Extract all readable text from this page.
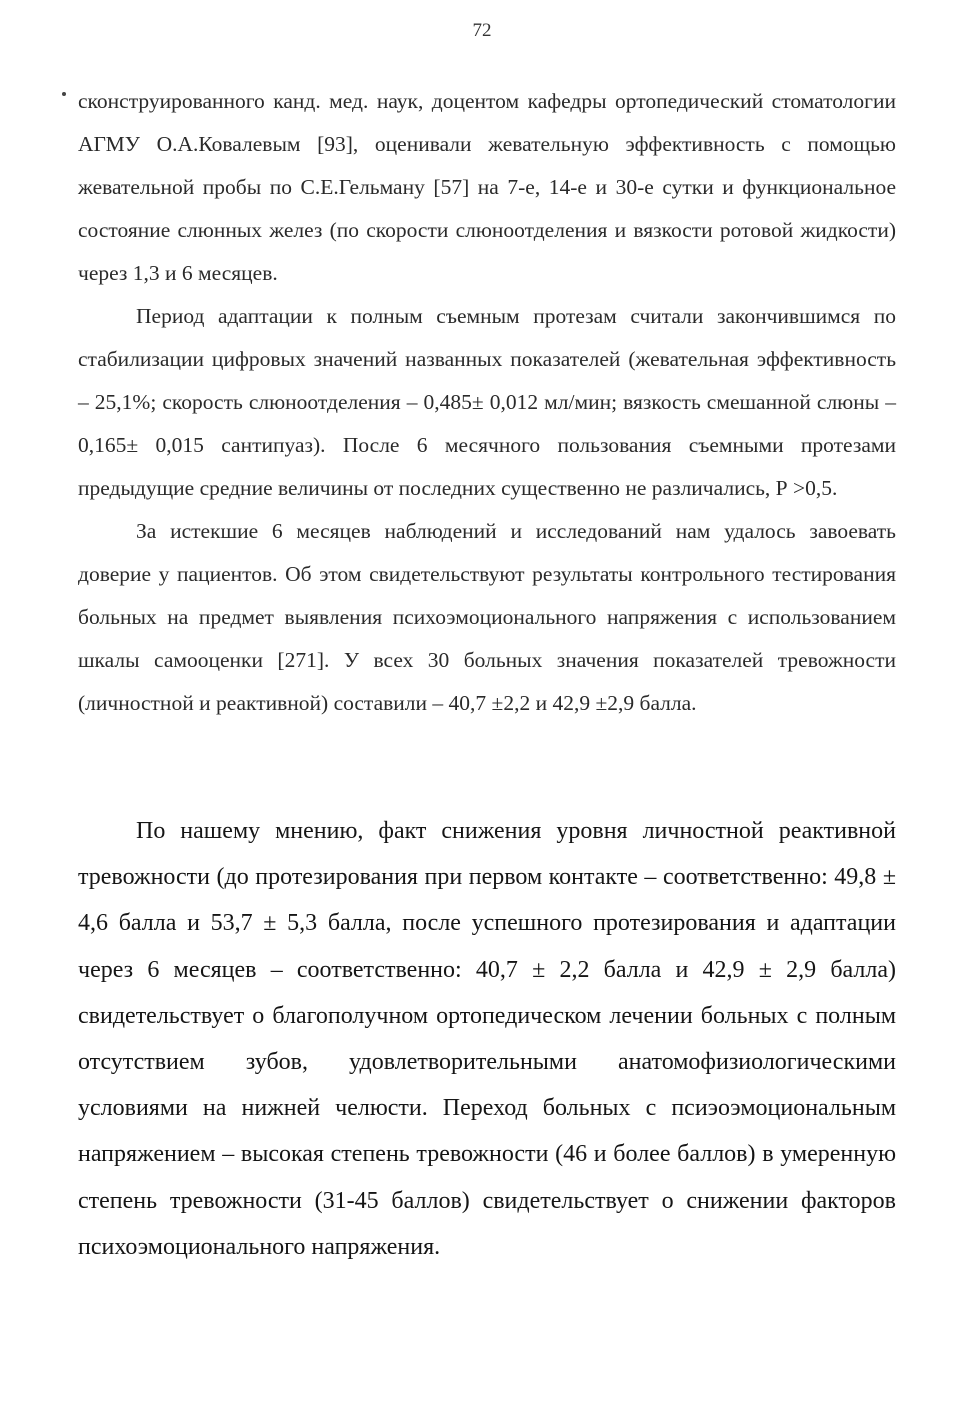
72

сконструированного канд. мед. наук, доцентом кафедры ортопедический стоматологии АГМУ О.А.Ковалевым [93], оценивали жевательную эффективность с помощью жевательной пробы по С.Е.Гельману [57] на 7-е, 14-е и 30-е сутки и функциональное состояние слюнных желез (по скорости слюноотделения и вязкости ротовой жидкости) через 1,3 и 6 месяцев.

Период адаптации к полным съемным протезам считали закончившимся по стабилизации цифровых значений названных показателей (жевательная эффективность – 25,1%; скорость слюноотделения – 0,485± 0,012 мл/мин; вязкость смешанной слюны – 0,165± 0,015 сантипуаз). После 6 месячного пользования съемными протезами предыдущие средние величины от последних существенно не различались, Р >0,5.

За истекшие 6 месяцев наблюдений и исследований нам удалось завоевать доверие у пациентов. Об этом свидетельствуют результаты контрольного тестирования больных на предмет выявления психоэмоционального напряжения с использованием шкалы самооценки [271]. У всех 30 больных значения показателей тревожности (личностной и реактивной) составили – 40,7 ±2,2 и 42,9 ±2,9 балла.

По нашему мнению, факт снижения уровня личностной реактивной тревожности (до протезирования при первом контакте – соответственно: 49,8 ± 4,6 балла и 53,7 ± 5,3 балла, после успешного протезирования и адаптации через 6 месяцев – соответственно: 40,7 ± 2,2 балла и 42,9 ± 2,9 балла) свидетельствует о благополучном ортопедическом лечении больных с полным отсутствием зубов, удовлетворительными анатомофизиологическими условиями на нижней челюсти. Переход больных с псиэоэмоциональным напряжением – высокая степень тревожности (46 и более баллов) в умеренную степень тревожности (31-45 баллов) свидетельствует о снижении факторов психоэмоционального напряжения.
